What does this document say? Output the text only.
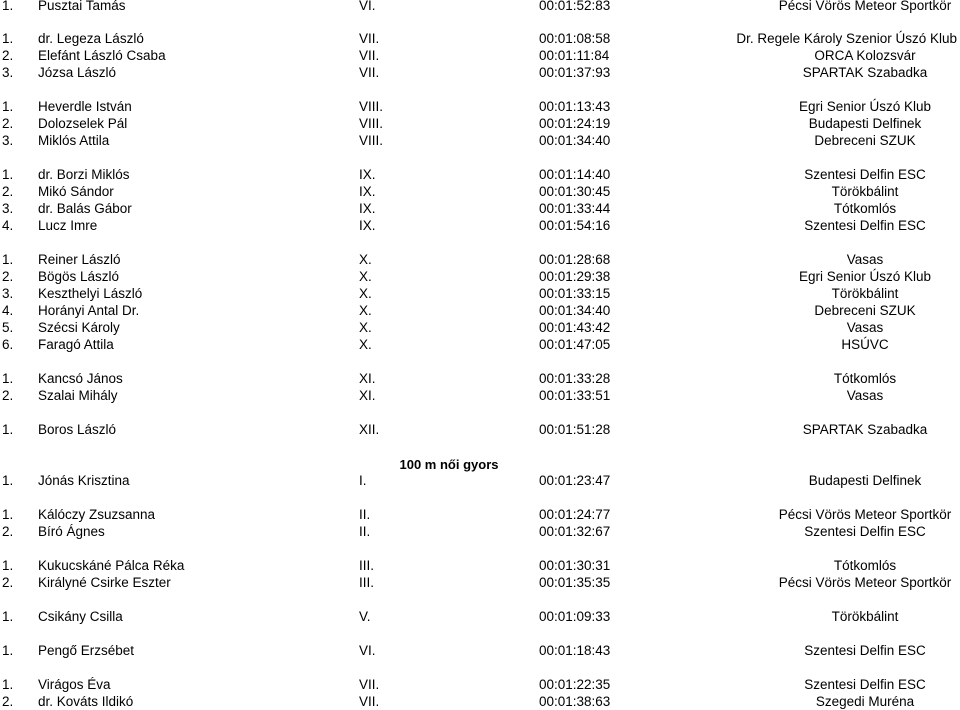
100 m női gyors
1. Pusztai Tamás	VI.	00:01:52:83	Pécsi Vörös Meteor Sportkör
1. dr. Legeza László	VII.	00:01:08:58	Dr. Regele Károly Szenior Úszó Klub
2. Elefánt László Csaba	VII.	00:01:11:84	ORCA Kolozsvár
3. Józsa László	VII.	00:01:37:93	SPARTAK Szabadka
1. Heverdle István	VIII.	00:01:13:43	Egri Senior Úszó Klub
2. Dolozselek Pál	VIII.	00:01:24:19	Budapesti Delfinek
3. Miklós Attila	VIII.	00:01:34:40	Debreceni SZUK
1. dr. Borzi Miklós	IX.	00:01:14:40	Szentesi Delfin ESC
2. Mikó Sándor	IX.	00:01:30:45	Törökbálint
3. dr. Balás Gábor	IX.	00:01:33:44	Tótkomlós
4. Lucz Imre	IX.	00:01:54:16	Szentesi Delfin ESC
1. Reiner László	X.	00:01:28:68	Vasas
2. Bögös László	X.	00:01:29:38	Egri Senior Úszó Klub
3. Keszthelyi László	X.	00:01:33:15	Törökbálint
4. Horányi Antal Dr.	X.	00:01:34:40	Debreceni SZUK
5. Szécsi Károly	X.	00:01:43:42	Vasas
6. Faragó Attila	X.	00:01:47:05	HSÚVC
1. Kancsó János	XI.	00:01:33:28	Tótkomlós
2. Szalai Mihály	XI.	00:01:33:51	Vasas
1. Boros László	XII.	00:01:51:28	SPARTAK Szabadka
1. Jónás Krisztina	I.	00:01:23:47	Budapesti Delfinek
1. Kálóczy Zsuzsanna	II.	00:01:24:77	Pécsi Vörös Meteor Sportkör
2. Bíró Ágnes	II.	00:01:32:67	Szentesi Delfin ESC
1. Kukucskáné Pálca Réka	III.	00:01:30:31	Tótkomlós
2. Királyné Csirke Eszter	III.	00:01:35:35	Pécsi Vörös Meteor Sportkör
1. Csikány Csilla	V.	00:01:09:33	Törökbálint
1. Pengő Erzsébet	VI.	00:01:18:43	Szentesi Delfin ESC
1. Virágos Éva	VII.	00:01:22:35	Szentesi Delfin ESC
2. dr. Kováts Ildikó	VII.	00:01:38:63	Szegedi Muréna
